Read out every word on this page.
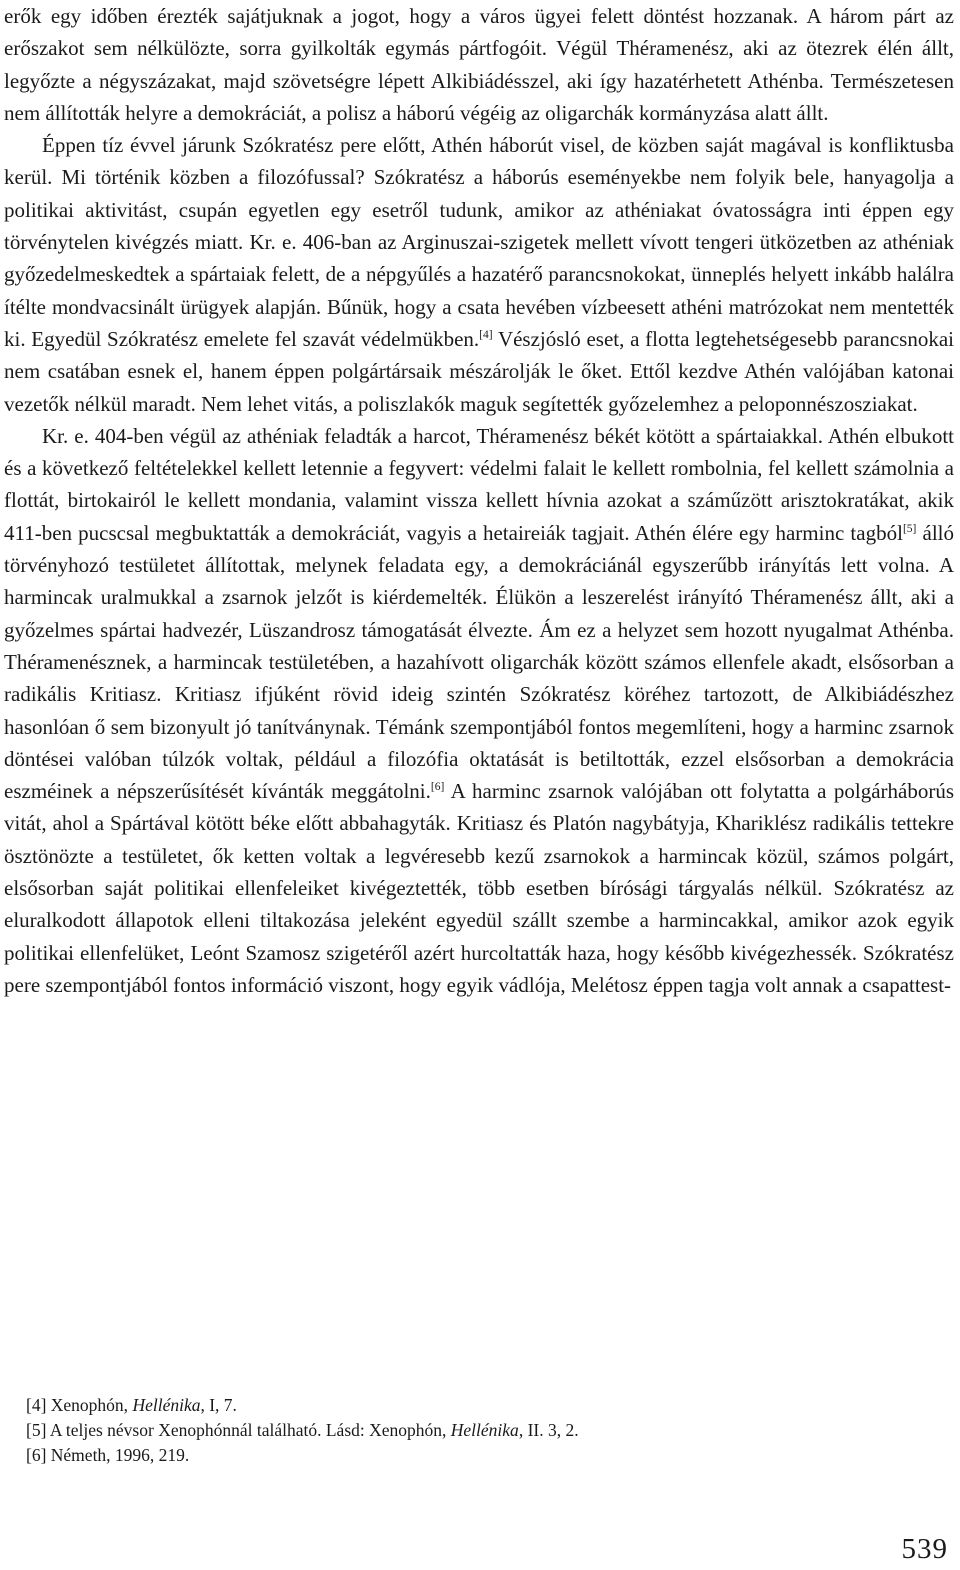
erők egy időben érezték sajátjuknak a jogot, hogy a város ügyei felett döntést hozzanak. A három párt az erőszakot sem nélkülözte, sorra gyilkolták egymás pártfogóit. Végül Théramenész, aki az ötezrek élén állt, legyőzte a négyszázakat, majd szövetségre lépett Alkibiádésszel, aki így hazatérhetett Athénba. Természetesen nem állították helyre a demokráciát, a polisz a háború végéig az oligarchák kormányzása alatt állt.

Éppen tíz évvel járunk Szókratész pere előtt, Athén háborút visel, de közben saját magával is konfliktusba kerül. Mi történik közben a filozófussal? Szókratész a háborús eseményekbe nem folyik bele, hanyagolja a politikai aktivitást, csupán egyetlen egy esetről tudunk, amikor az athéniakat óvatosságra inti éppen egy törvénytelen kivégzés miatt. Kr. e. 406-ban az Arginuszai-szigetek mellett vívott tengeri ütközetben az athéniak győzedelmeskedtek a spártaiak felett, de a népgyűlés a hazatérő parancsnokokat, ünneplés helyett inkább halálra ítélte mondvacsinált ürügyek alapján. Bűnük, hogy a csata hevében vízbeesett athéni matrózokat nem mentették ki. Egyedül Szókratész emelete fel szavát védelmükben.[4] Vészjósló eset, a flotta legtehetségesebb parancsnokai nem csatában esnek el, hanem éppen polgártársaik mészárolják le őket. Ettől kezdve Athén valójában katonai vezetők nélkül maradt. Nem lehet vitás, a poliszlakók maguk segítették győzelemhez a peloponnészosziakat.

Kr. e. 404-ben végül az athéniak feladták a harcot, Théramenész békét kötött a spártaiakkal. Athén elbukott és a következő feltételekkel kellett letennie a fegyvert: védelmi falait le kellett rombolnia, fel kellett számolnia a flottát, birtokairól le kellett mondania, valamint vissza kellett hívnia azokat a száműzött arisztokratákat, akik 411-ben pucscsal megbuktatták a demokráciát, vagyis a hetaireiák tagjait. Athén élére egy harminc tagból[5] álló törvényhozó testületet állítottak, melynek feladata egy, a demokráciánál egyszerűbb irányítás lett volna. A harmincak uralmukkal a zsarnok jelzőt is kiérdemelték. Élükön a leszerelést irányító Théramenész állt, aki a győzelmes spártai hadvezér, Lüszandrosz támogatását élvezte. Ám ez a helyzet sem hozott nyugalmat Athénba. Théramenésznek, a harmincak testületében, a hazahívott oligarchák között számos ellenfele akadt, elsősorban a radikális Kritiasz. Kritiasz ifjúként rövid ideig szintén Szókratész köréhez tartozott, de Alkibiádészhez hasonlóan ő sem bizonyult jó tanítványnak. Témánk szempontjából fontos megemlíteni, hogy a harminc zsarnok döntései valóban túlzók voltak, például a filozófia oktatását is betiltották, ezzel elsősorban a demokrácia eszméinek a népszerűsítését kívánták meggátolni.[6] A harminc zsarnok valójában ott folytatta a polgárháborús vitát, ahol a Spártával kötött béke előtt abbahagyták. Kritiasz és Platón nagybátyja, Khariklész radikális tettekre ösztönözte a testületet, ők ketten voltak a legvéresebb kezű zsarnokok a harmincak közül, számos polgárt, elsősorban saját politikai ellenfeleiket kivégeztették, több esetben bírósági tárgyalás nélkül. Szókratész az eluralkodott állapotok elleni tiltakozása jeleként egyedül szállt szembe a harmincakkal, amikor azok egyik politikai ellenfelüket, Leónt Szamosz szigetéről azért hurcoltatták haza, hogy később kivégezhessék. Szókratész pere szempontjából fontos információ viszont, hogy egyik vádlója, Melétosz éppen tagja volt annak a csapattest-

[4] Xenophón, Hellénika, I, 7.

[5] A teljes névsor Xenophónnál található. Lásd: Xenophón, Hellénika, II. 3, 2.

[6] Németh, 1996, 219.

539
